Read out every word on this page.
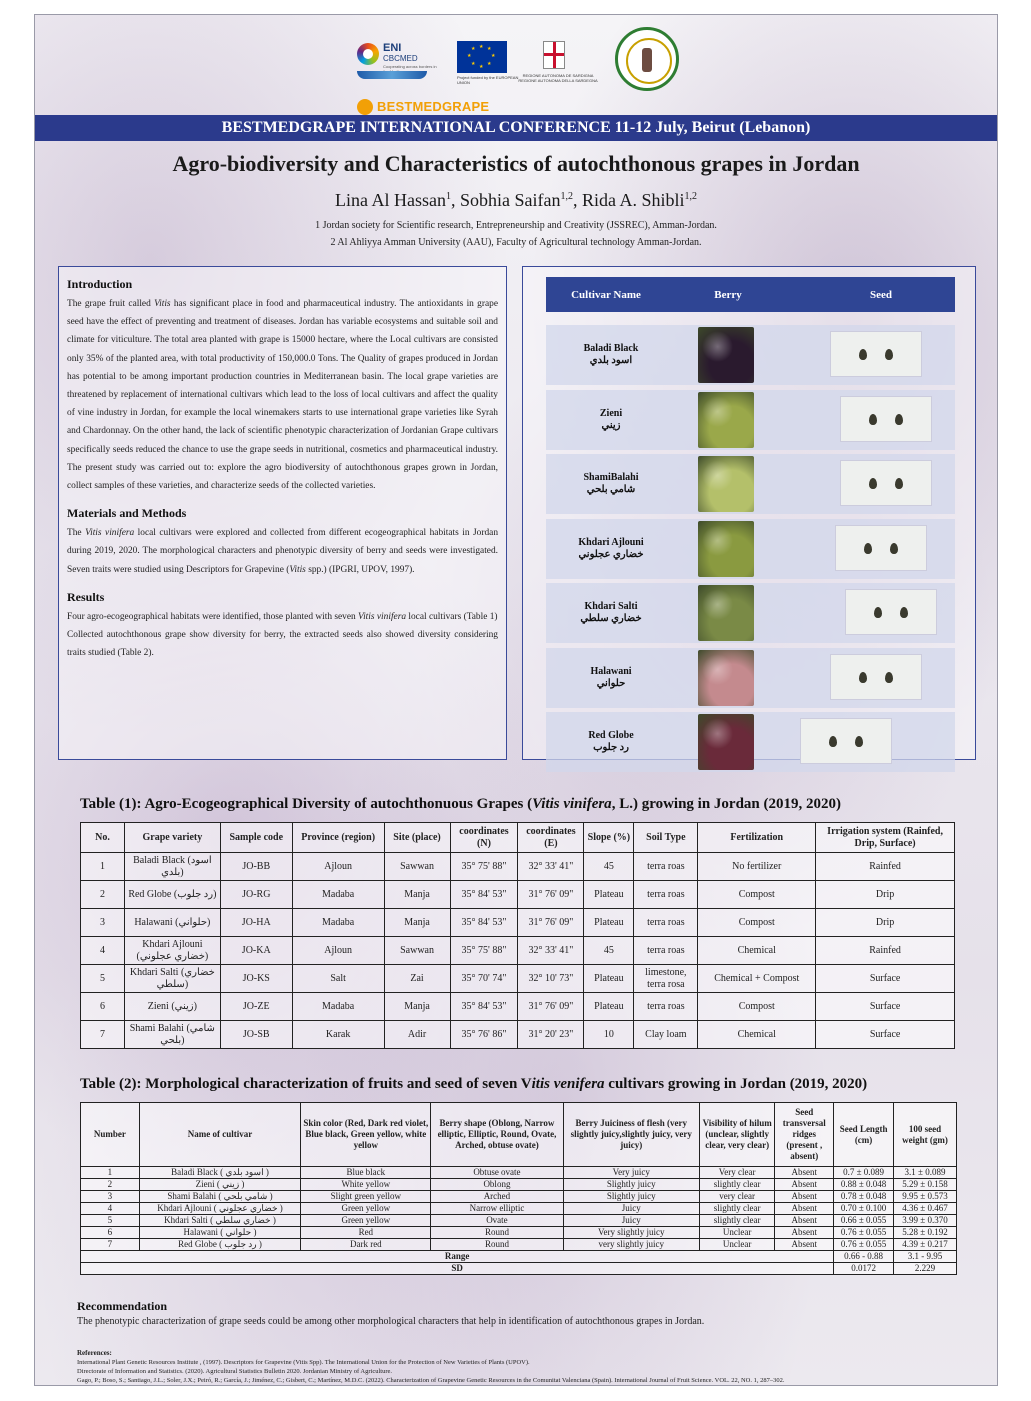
ENI
CBCMED
Cooperating across borders in
★ ★
★
★
★
★
★
★
Project funded by the EUROPEAN UNION
REGIONE AUTONOMA DE SARDIGNA REGIONE AUTONOMA DELLA SARDEGNA
BESTMEDGRAPE
BESTMEDGRAPE INTERNATIONAL CONFERENCE 11-12 July, Beirut (Lebanon)
Agro-biodiversity and Characteristics of autochthonous grapes in Jordan
Lina Al Hassan$^1$, Sobhia Saifan$^{1,2}$, Rida A. Shibli$^{1,2}$
1 Jordan society for Scientific research, Entrepreneurship and Creativity (JSSREC), Amman-Jordan.
2 Al Ahliyya Amman University (AAU), Faculty of Agricultural technology Amman-Jordan.
Introduction

The grape fruit called Vitis has significant place in food and pharmaceutical industry. The antioxidants in grape seed have the effect of preventing and treatment of diseases. Jordan has variable ecosystems and suitable soil and climate for viticulture. The total area planted with grape is 15000 hectare, where the Local cultivars are consisted only 35% of the planted area, with total productivity of 150,000.0 Tons. The Quality of grapes produced in Jordan has potential to be among important production countries in Mediterranean basin. The local grape varieties are threatened by replacement of international cultivars which lead to the loss of local cultivars and affect the quality of vine industry in Jordan, for example the local winemakers starts to use international grape varieties like Syrah and Chardonnay. On the other hand, the lack of scientific phenotypic characterization of Jordanian Grape cultivars specifically seeds reduced the chance to use the grape seeds in nutritional, cosmetics and pharmaceutical industry. The present study was carried out to: explore the agro biodiversity of autochthonous grapes grown in Jordan, collect samples of these varieties, and characterize seeds of the collected varieties.

Materials and Methods

The Vitis vinifera local cultivars were explored and collected from different ecogeographical habitats in Jordan during 2019, 2020. The morphological characters and phenotypic diversity of berry and seeds were investigated. Seven traits were studied using Descriptors for Grapevine (Vitis spp.) (IPGRI, UPOV, 1997).

Results

Four agro-ecogeographical habitats were identified, those planted with seven Vitis vinifera local cultivars (Table 1)
Collected autochthonous grape show diversity for berry, the extracted seeds also showed diversity considering traits studied (Table 2).

Cultivar Name	Berry	Seed
Baladi Black
اسود بلدي
Zieni
زيني
ShamiBalahi
شامي بلحي
Khdari Ajlouni
خضاري عجلوني
Khdari Salti
خضاري سلطي
Halawani
حلواني
Red Globe
رد جلوب
Table (1): Agro-Ecogeographical Diversity of autochthonuous Grapes (Vitis vinifera, L.) growing in Jordan (2019, 2020)
No.	Grape variety	Sample code	Province (region)	Site (place)	coordinates (N)	coordinates (E)	Slope (%)	Soil Type	Fertilization	Irrigation system (Rainfed, Drip, Surface)
1	Baladi Black (اسود بلدي)	JO-BB	Ajloun	Sawwan	35° 75' 88"	32° 33' 41"	45	terra roas	No fertilizer	Rainfed
2	Red Globe (رد جلوب)	JO-RG	Madaba	Manja	35° 84' 53"	31° 76' 09"	Plateau	terra roas	Compost	Drip
3	Halawani (حلواني)	JO-HA	Madaba	Manja	35° 84' 53"	31° 76' 09"	Plateau	terra roas	Compost	Drip
4	Khdari Ajlouni (خضاري عجلوني)	JO-KA	Ajloun	Sawwan	35° 75' 88"	32° 33' 41"	45	terra roas	Chemical	Rainfed
5	Khdari Salti (خضاري سلطي)	JO-KS	Salt	Zai	35° 70' 74"	32° 10' 73"	Plateau	limestone, terra rosa	Chemical + Compost	Surface
6	Zieni (زيني)	JO-ZE	Madaba	Manja	35° 84' 53"	31° 76' 09"	Plateau	terra roas	Compost	Surface
7	Shami Balahi (شامي بلحي)	JO-SB	Karak	Adir	35° 76' 86"	31° 20' 23"	10	Clay loam	Chemical	Surface
Table (2): Morphological characterization of fruits and seed of seven Vitis venifera cultivars growing in Jordan (2019, 2020)
Number	Name of cultivar	Skin color (Red, Dark red violet, Blue black, Green yellow, white yellow	Berry shape (Oblong, Narrow elliptic, Elliptic, Round, Ovate, Arched, obtuse ovate)	Berry Juiciness of flesh (very slightly juicy,slightly juicy, very juicy)	Visibility of hilum (unclear, slightly clear, very clear)	Seed transversal ridges (present , absent)	Seed Length (cm)	100 seed weight (gm)
1	Baladi Black ( اسود بلدي )	Blue black	Obtuse ovate	Very juicy	Very clear	Absent	0.7 ± 0.089	3.1 ± 0.089
2	Zieni ( زيني )	White yellow	Oblong	Slightly juicy	slightly clear	Absent	0.88 ± 0.048	5.29 ± 0.158
3	Shami Balahi ( شامي بلحي )	Slight green yellow	Arched	Slightly juicy	very clear	Absent	0.78 ± 0.048	9.95 ± 0.573
4	Khdari Ajlouni ( خضاري عجلوني )	Green yellow	Narrow elliptic	Juicy	slightly clear	Absent	0.70 ± 0.100	4.36 ± 0.467
5	Khdari Salti ( خضاري سلطي )	Green yellow	Ovate	Juicy	slightly clear	Absent	0.66 ± 0.055	3.99 ± 0.370
6	Halawani ( حلواني )	Red	Round	Very slightly juicy	Unclear	Absent	0.76 ± 0.055	5.28 ± 0.192
7	Red Globe ( رد جلوب )	Dark red	Round	very slightly juicy	Unclear	Absent	0.76 ± 0.055	4.39 ± 0.217
Range							0.66 - 0.88	3.1 - 9.95
SD							0.0172	2.229
Recommendation
The phenotypic characterization of grape seeds could be among other morphological characters that help in identification of autochthonous grapes in Jordan.
References:
International Plant Genetic Resources Institute , (1997). Descriptors for Grapevine (Vitis Spp). The International Union for the Protection of New Varieties of Plants (UPOV).
Directorate of Information and Statistics. (2020). Agricultural Statistics Bulletin 2020. Jordanian Ministry of Agriculture.
Gago, P.; Boso, S.; Santiago, J.L.; Soler, J.X.; Peiró, R.; García, J.; Jiménez, C.; Gisbert, C.; Martínez, M.D.C. (2022). Characterization of Grapevine Genetic Resources in the Comunitat Valenciana (Spain). International Journal of Fruit Science. VOL. 22, NO. 1, 287–302.
